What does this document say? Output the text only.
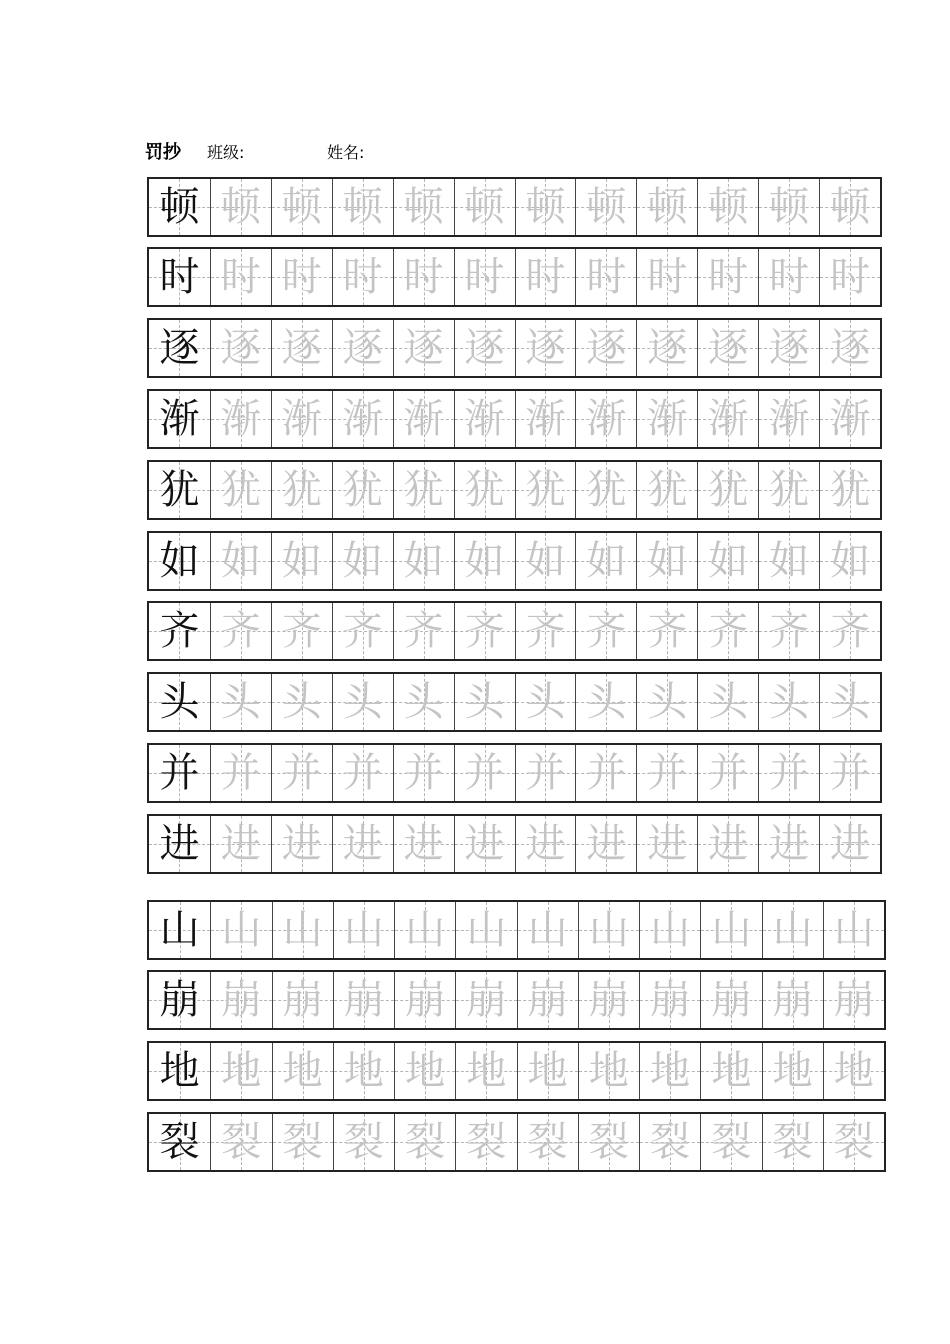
罚抄 班级:	姓名:
顿 顿 顿 顿 顿 顿 顿 顿 顿 顿 顿 顿
时 时 时 时 时 时 时 时 时 时 时 时
逐 逐 逐 逐 逐 逐 逐 逐 逐 逐 逐 逐
渐 渐 渐 渐 渐 渐 渐 渐 渐 渐 渐 渐
犹 犹 犹 犹 犹 犹 犹 犹 犹 犹 犹 犹
如 如 如 如 如 如 如 如 如 如 如 如
齐 齐 齐 齐 齐 齐 齐 齐 齐 齐 齐 齐
头 头 头 头 头 头 头 头 头 头 头 头
并 并 并 并 并 并 并 并 并 并 并 并
进 进 进 进 进 进 进 进 进 进 进 进
山 山 山 山 山 山 山 山 山 山 山 山
崩 崩 崩 崩 崩 崩 崩 崩 崩 崩 崩 崩
地 地 地 地 地 地 地 地 地 地 地 地
裂 裂 裂 裂 裂 裂 裂 裂 裂 裂 裂 裂
